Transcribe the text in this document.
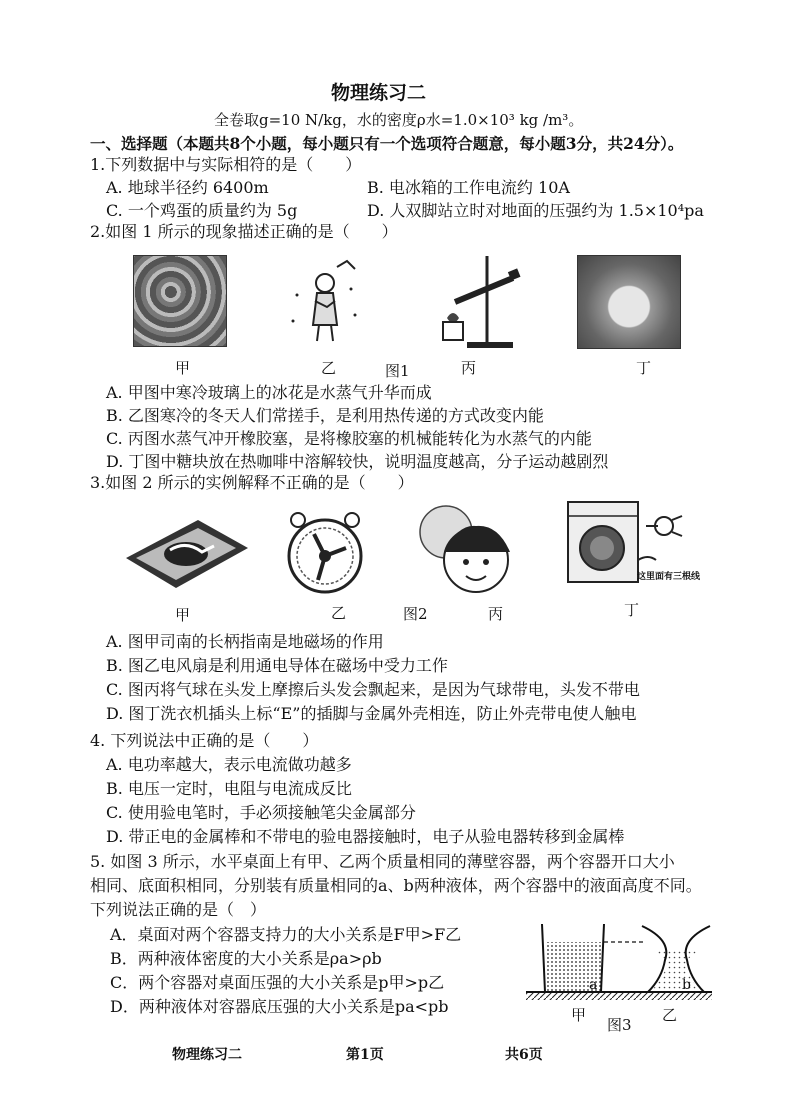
物理练习二
全卷取g=10 N/kg，水的密度ρ水=1.0×10³ kg /m³。
一、选择题（本题共8个小题，每小题只有一个选项符合题意，每小题3分，共24分）。
1.下列数据中与实际相符的是（　　）
A. 地球半径约 6400m	B. 电冰箱的工作电流约 10A
C. 一个鸡蛋的质量约为 5g	D. 人双脚站立时对地面的压强约为 1.5×10⁴pa
2.如图 1 所示的现象描述正确的是（　　）
甲	乙	图1	丙	丁
A. 甲图中寒冷玻璃上的冰花是水蒸气升华而成
B. 乙图寒冷的冬天人们常搓手，是利用热传递的方式改变内能
C. 丙图水蒸气冲开橡胶塞，是将橡胶塞的机械能转化为水蒸气的内能
D. 丁图中糖块放在热咖啡中溶解较快，说明温度越高，分子运动越剧烈
3.如图 2 所示的实例解释不正确的是（　　）
这里面有三根线
甲	乙	图2	丙	丁
A. 图甲司南的长柄指南是地磁场的作用
B. 图乙电风扇是利用通电导体在磁场中受力工作
C. 图丙将气球在头发上摩擦后头发会飘起来，是因为气球带电，头发不带电
D. 图丁洗衣机插头上标“E”的插脚与金属外壳相连，防止外壳带电使人触电
4. 下列说法中正确的是（　　）
A. 电功率越大，表示电流做功越多
B. 电压一定时，电阻与电流成反比
C. 使用验电笔时，手必须接触笔尖金属部分
D. 带正电的金属棒和不带电的验电器接触时，电子从验电器转移到金属棒
5. 如图 3 所示，水平桌面上有甲、乙两个质量相同的薄壁容器，两个容器开口大小
相同、底面积相同，分别装有质量相同的a、b两种液体，两个容器中的液面高度不同。
下列说法正确的是（　）
A．桌面对两个容器支持力的大小关系是F甲>F乙
B．两种液体密度的大小关系是ρa>ρb
C．两个容器对桌面压强的大小关系是p甲>p乙
D．两种液体对容器底压强的大小关系是pa<pb
a	b
甲
图3
乙
物理练习二	第1页	共6页
